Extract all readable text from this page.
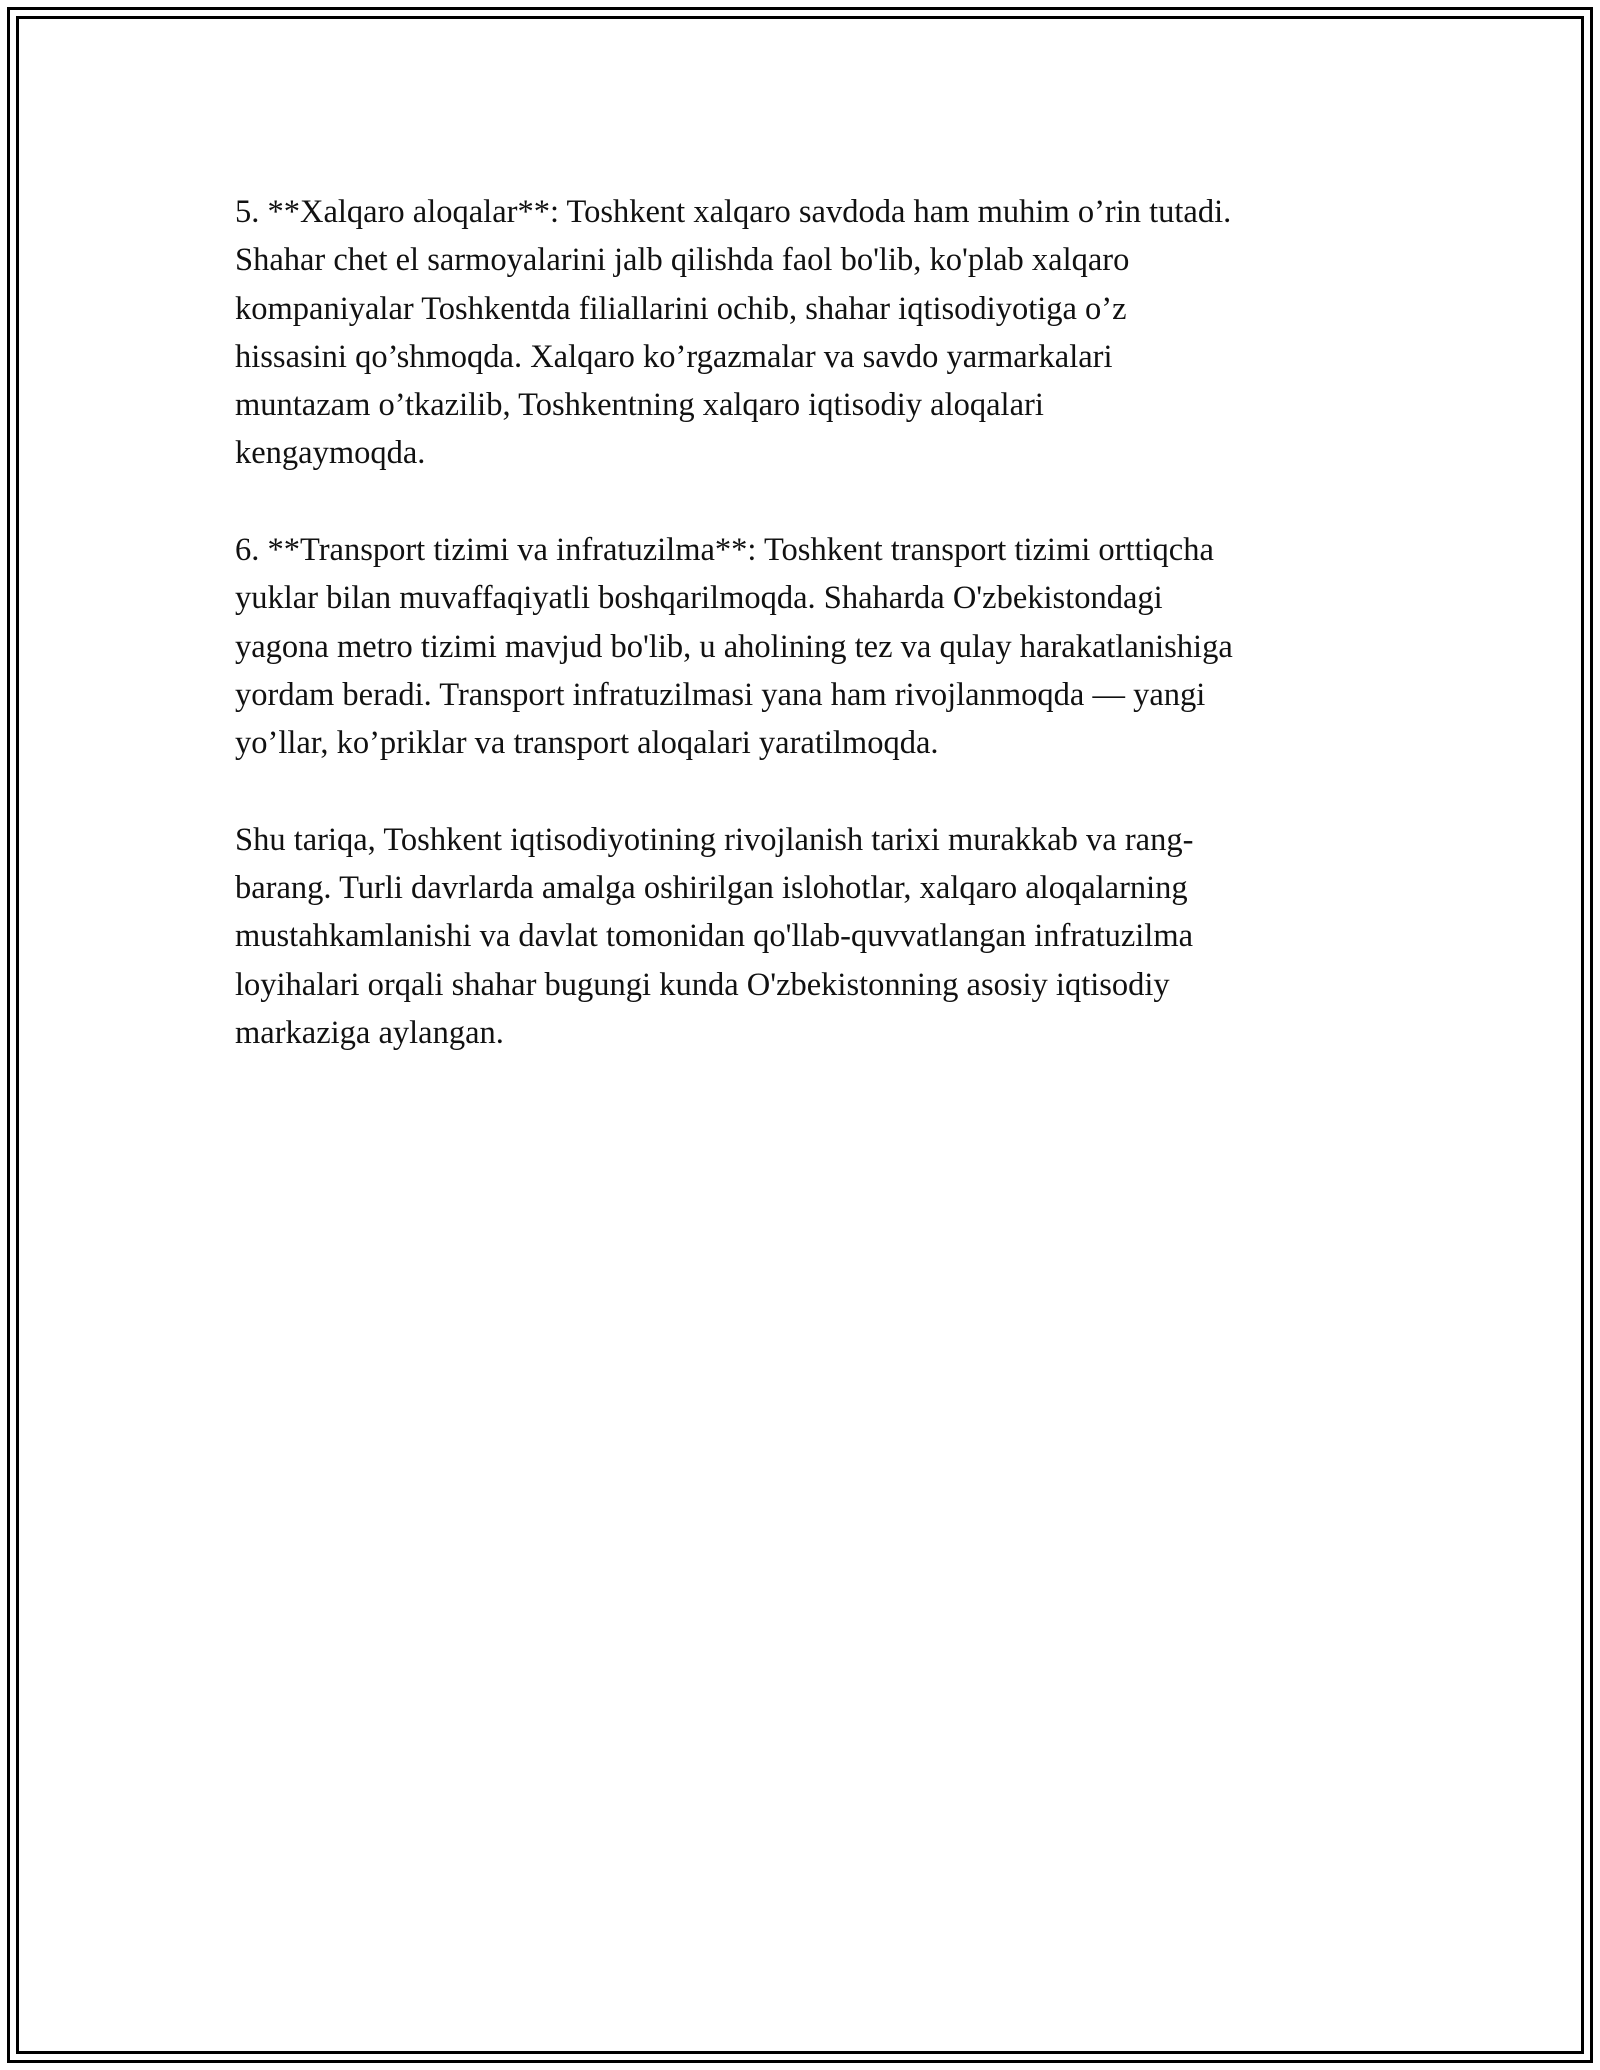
5. **Xalqaro aloqalar**: Toshkent xalqaro savdoda ham muhim o’rin tutadi.
Shahar chet el sarmoyalarini jalb qilishda faol bo'lib, ko'plab xalqaro
kompaniyalar Toshkentda filiallarini ochib, shahar iqtisodiyotiga o’z
hissasini qo’shmoqda. Xalqaro ko’rgazmalar va savdo yarmarkalari
muntazam o’tkazilib, Toshkentning xalqaro iqtisodiy aloqalari
kengaymoqda.

6. **Transport tizimi va infratuzilma**: Toshkent transport tizimi orttiqcha
yuklar bilan muvaffaqiyatli boshqarilmoqda. Shaharda O'zbekistondagi
yagona metro tizimi mavjud bo'lib, u aholining tez va qulay harakatlanishiga
yordam beradi. Transport infratuzilmasi yana ham rivojlanmoqda — yangi
yo’llar, ko’priklar va transport aloqalari yaratilmoqda.

Shu tariqa, Toshkent iqtisodiyotining rivojlanish tarixi murakkab va rang-
barang. Turli davrlarda amalga oshirilgan islohotlar, xalqaro aloqalarning
mustahkamlanishi va davlat tomonidan qo'llab-quvvatlangan infratuzilma
loyihalari orqali shahar bugungi kunda O'zbekistonning asosiy iqtisodiy
markaziga aylangan.
